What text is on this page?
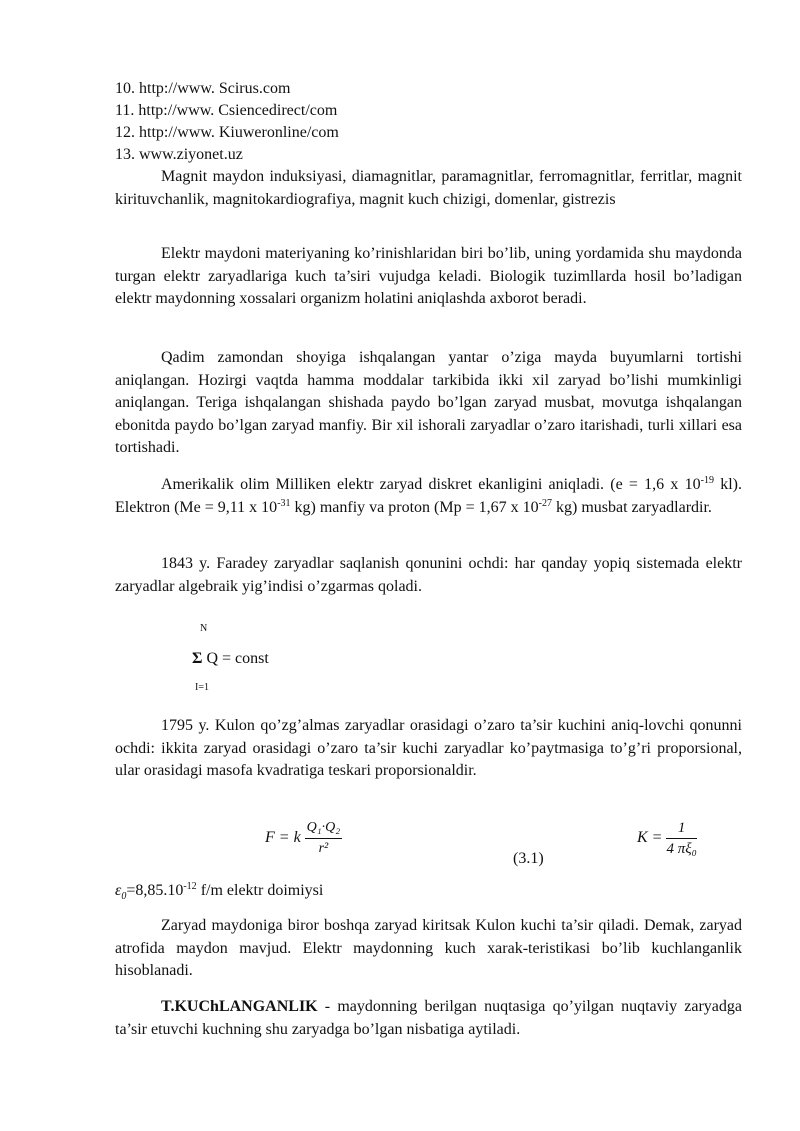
10. http://www. Scirus.com
11. http://www. Csiencedirect/com
12. http://www. Kiuweronline/com
13. www.ziyonet.uz
Magnit maydon induksiyasi, diamagnitlar, paramagnitlar, ferromagnitlar, ferritlar, magnit kirituvchanlik, magnitokardiografiya, magnit kuch chizigi, domenlar, gistrezis
Elektr maydoni materiyaning ko’rinishlaridan biri bo’lib, uning yordamida shu maydonda turgan elektr zaryadlariga kuch ta’siri vujudga keladi. Biologik tuzimllarda hosil bo’ladigan elektr maydonning xossalari organizm holatini aniqlashda axborot beradi.
Qadim zamondan shoyiga ishqalangan yantar o’ziga mayda buyumlarni tortishi aniqlangan. Hozirgi vaqtda hamma moddalar tarkibida ikki xil zaryad bo’lishi mumkinligi aniqlangan. Teriga ishqalangan shishada paydo bo’lgan zaryad musbat, movutga ishqalangan ebonitda paydo bo’lgan zaryad manfiy. Bir xil ishorali zaryadlar o’zaro itarishadi, turli xillari esa tortishadi.
Amerikalik olim Milliken elektr zaryad diskret ekanligini aniqladi. (e = 1,6 x $10^{-19}$ kl). Elektron (Me = 9,11 x $10^{-31}$ kg) manfiy va proton (Mp = 1,67 x $10^{-27}$ kg) musbat zaryadlardir.
1843 y. Faradey zaryadlar saqlanish qonunini ochdi: har qanday yopiq sistemada elektr zaryadlar algebraik yig’indisi o’zgarmas qoladi.
N
Σ Q = const
I=1
1795 y. Kulon qo’zg’almas zaryadlar orasidagi o’zaro ta’sir kuchini aniq-lovchi qonunni ochdi: ikkita zaryad orasidagi o’zaro ta’sir kuchi zaryadlar ko’paytmasiga to’g’ri proporsional, ular orasidagi masofa kvadratiga teskari proporsionaldir.
F = k $\frac{\text{Q₁·Q₂}}{\text{r²}}$	(3.1)
$K = \frac{1}{\text{4 πξ₀}}$
$\varepsilon_0=8,85.10^{-12}$ f/m elektr doimiysi
Zaryad maydoniga biror boshqa zaryad kiritsak Kulon kuchi ta’sir qiladi. Demak, zaryad atrofida maydon mavjud. Elektr maydonning kuch xarak-teristikasi bo’lib kuchlanganlik hisoblanadi.
T.KUChLANGANLIK - maydonning berilgan nuqtasiga qo’yilgan nuqtaviy zaryadga ta’sir etuvchi kuchning shu zaryadga bo’lgan nisbatiga aytiladi.
